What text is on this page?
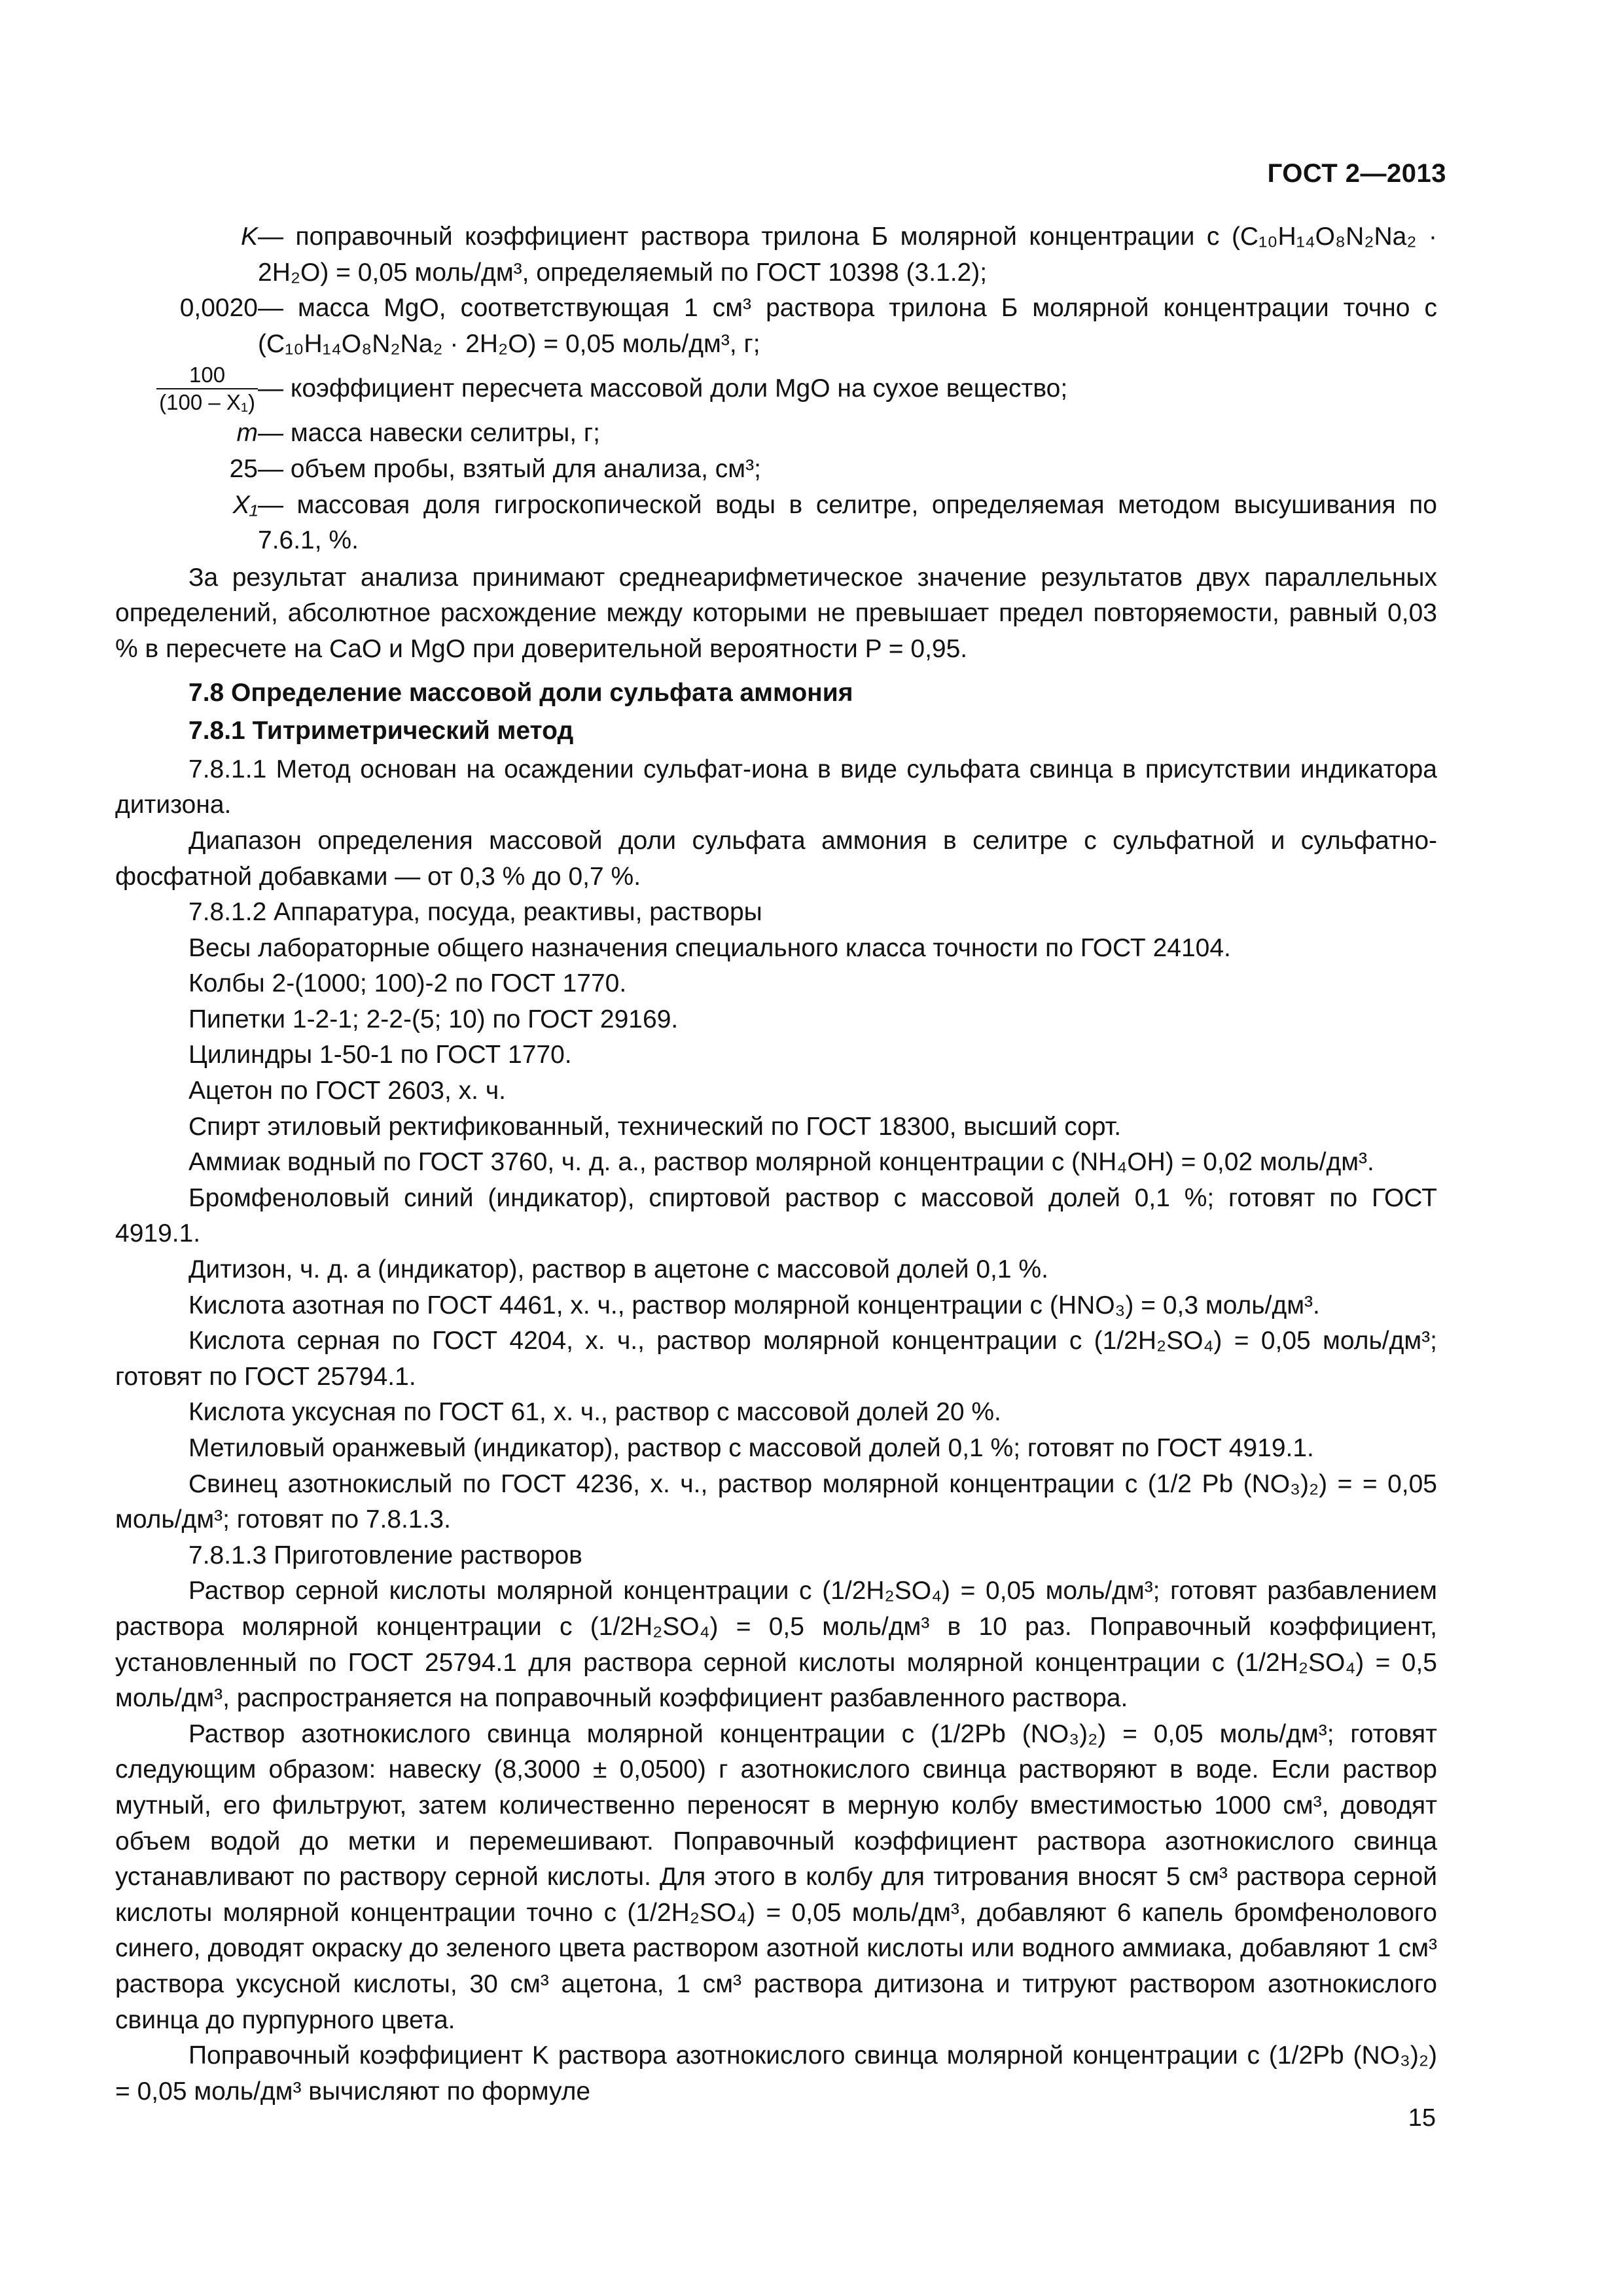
ГОСТ 2—2013
K	— поправочный коэффициент раствора трилона Б молярной концентрации c (C₁₀H₁₄O₈N₂Na₂ · 2H₂O) = 0,05 моль/дм³, определяемый по ГОСТ 10398 (3.1.2);
0,0020	— масса MgO, соответствующая 1 см³ раствора трилона Б молярной концентрации точно c (C₁₀H₁₄O₈N₂Na₂ · 2H₂O) = 0,05 моль/дм³, г;

$\frac{100}{\text{(100 – X₁)}}$	— коэффициент пересчета массовой доли MgO на сухое вещество;
m	— масса навески селитры, г;
25	— объем пробы, взятый для анализа, см³;
X₁	— массовая доля гигроскопической воды в селитре, определяемая методом высушивания по 7.6.1, %.

За результат анализа принимают среднеарифметическое значение результатов двух параллельных определений, абсолютное расхождение между которыми не превышает предел повторяемости, равный 0,03 % в пересчете на CaO и MgO при доверительной вероятности P = 0,95.

7.8 Определение массовой доли сульфата аммония

7.8.1 Титриметрический метод

7.8.1.1 Метод основан на осаждении сульфат-иона в виде сульфата свинца в присутствии индикатора дитизона.

Диапазон определения массовой доли сульфата аммония в селитре с сульфатной и сульфатно-фосфатной добавками — от 0,3 % до 0,7 %.

7.8.1.2 Аппаратура, посуда, реактивы, растворы

Весы лабораторные общего назначения специального класса точности по ГОСТ 24104.

Колбы 2-(1000; 100)-2 по ГОСТ 1770.

Пипетки 1-2-1; 2-2-(5; 10) по ГОСТ 29169.

Цилиндры 1-50-1 по ГОСТ 1770.

Ацетон по ГОСТ 2603, х. ч.

Спирт этиловый ректификованный, технический по ГОСТ 18300, высший сорт.

Аммиак водный по ГОСТ 3760, ч. д. а., раствор молярной концентрации c (NH₄OH) = 0,02 моль/дм³.

Бромфеноловый синий (индикатор), спиртовой раствор с массовой долей 0,1 %; готовят по ГОСТ 4919.1.

Дитизон, ч. д. а (индикатор), раствор в ацетоне с массовой долей 0,1 %.

Кислота азотная по ГОСТ 4461, х. ч., раствор молярной концентрации c (HNO₃) = 0,3 моль/дм³.

Кислота серная по ГОСТ 4204, х. ч., раствор молярной концентрации c (1/2H₂SO₄) = 0,05 моль/дм³; готовят по ГОСТ 25794.1.

Кислота уксусная по ГОСТ 61, х. ч., раствор с массовой долей 20 %.

Метиловый оранжевый (индикатор), раствор с массовой долей 0,1 %; готовят по ГОСТ 4919.1.

Свинец азотнокислый по ГОСТ 4236, х. ч., раствор молярной концентрации c (1/2 Pb (NO₃)₂) = = 0,05 моль/дм³; готовят по 7.8.1.3.

7.8.1.3 Приготовление растворов

Раствор серной кислоты молярной концентрации c (1/2H₂SO₄) = 0,05 моль/дм³; готовят разбавлением раствора молярной концентрации c (1/2H₂SO₄) = 0,5 моль/дм³ в 10 раз. Поправочный коэффициент, установленный по ГОСТ 25794.1 для раствора серной кислоты молярной концентрации c (1/2H₂SO₄) = 0,5 моль/дм³, распространяется на поправочный коэффициент разбавленного раствора.

Раствор азотнокислого свинца молярной концентрации c (1/2Pb (NO₃)₂) = 0,05 моль/дм³; готовят следующим образом: навеску (8,3000 ± 0,0500) г азотнокислого свинца растворяют в воде. Если раствор мутный, его фильтруют, затем количественно переносят в мерную колбу вместимостью 1000 см³, доводят объем водой до метки и перемешивают. Поправочный коэффициент раствора азотнокислого свинца устанавливают по раствору серной кислоты. Для этого в колбу для титрования вносят 5 см³ раствора серной кислоты молярной концентрации точно c (1/2H₂SO₄) = 0,05 моль/дм³, добавляют 6 капель бромфенолового синего, доводят окраску до зеленого цвета раствором азотной кислоты или водного аммиака, добавляют 1 см³ раствора уксусной кислоты, 30 см³ ацетона, 1 см³ раствора дитизона и титруют раствором азотнокислого свинца до пурпурного цвета.

Поправочный коэффициент K раствора азотнокислого свинца молярной концентрации c (1/2Pb (NO₃)₂) = 0,05 моль/дм³ вычисляют по формуле

15
